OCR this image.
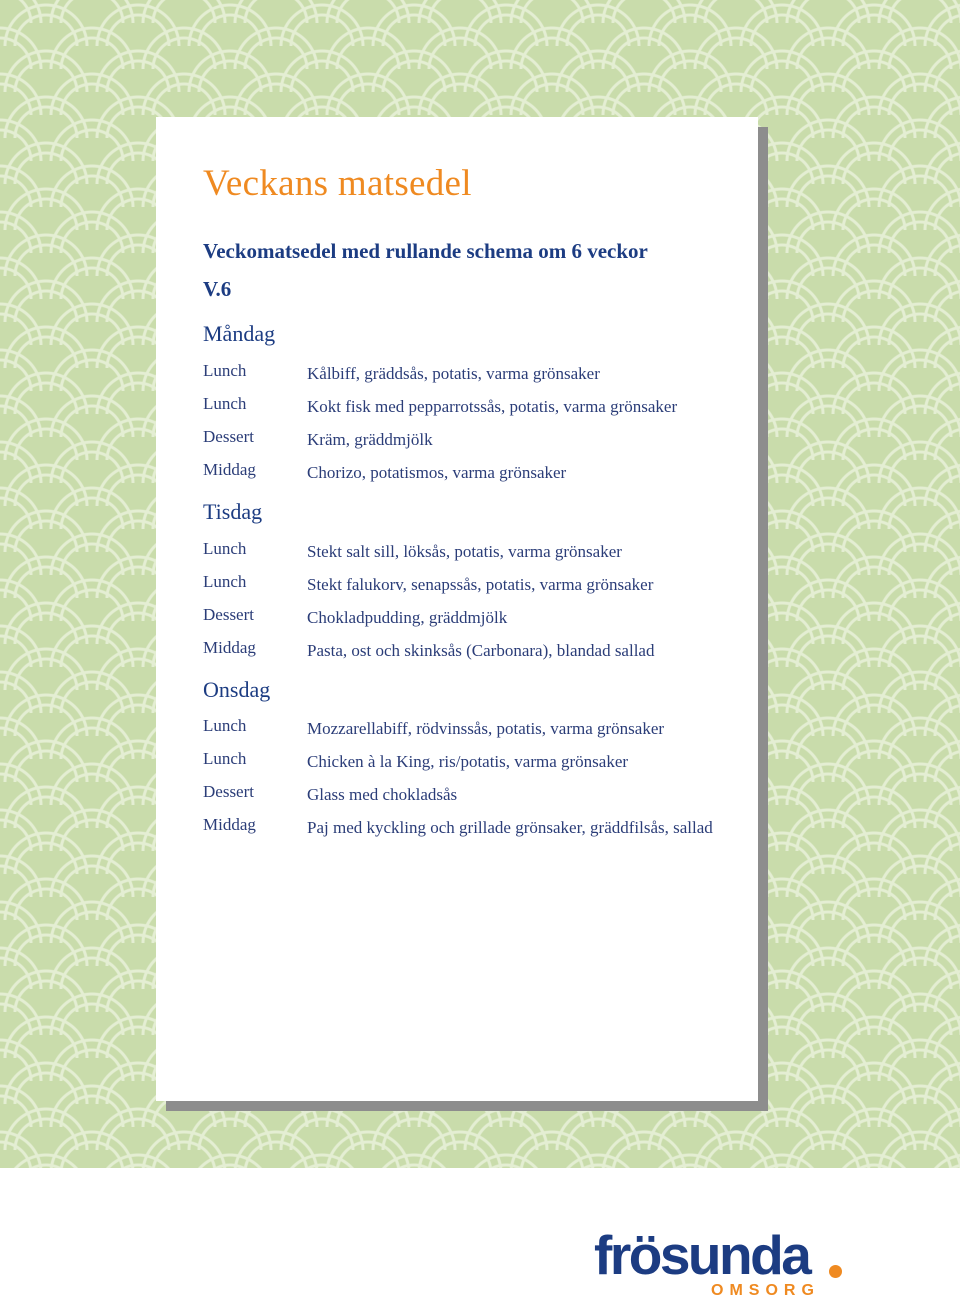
Veckans matsedel
Veckomatsedel med rullande schema om 6 veckor
V.6
Måndag
Lunch	Kålbiff, gräddsås, potatis, varma grönsaker
Lunch	Kokt fisk med pepparrotssås, potatis, varma grönsaker
Dessert	Kräm, gräddmjölk
Middag	Chorizo, potatismos, varma grönsaker
Tisdag
Lunch	Stekt salt sill, löksås, potatis, varma grönsaker
Lunch	Stekt falukorv, senapssås, potatis, varma grönsaker
Dessert	Chokladpudding, gräddmjölk
Middag	Pasta, ost och skinksås (Carbonara), blandad sallad
Onsdag
Lunch	Mozzarellabiff, rödvinssås, potatis, varma grönsaker
Lunch	Chicken à la King, ris/potatis, varma grönsaker
Dessert	Glass med chokladsås
Middag	Paj med kyckling och grillade grönsaker, gräddfilsås, sallad
frösunda
OMSORG
